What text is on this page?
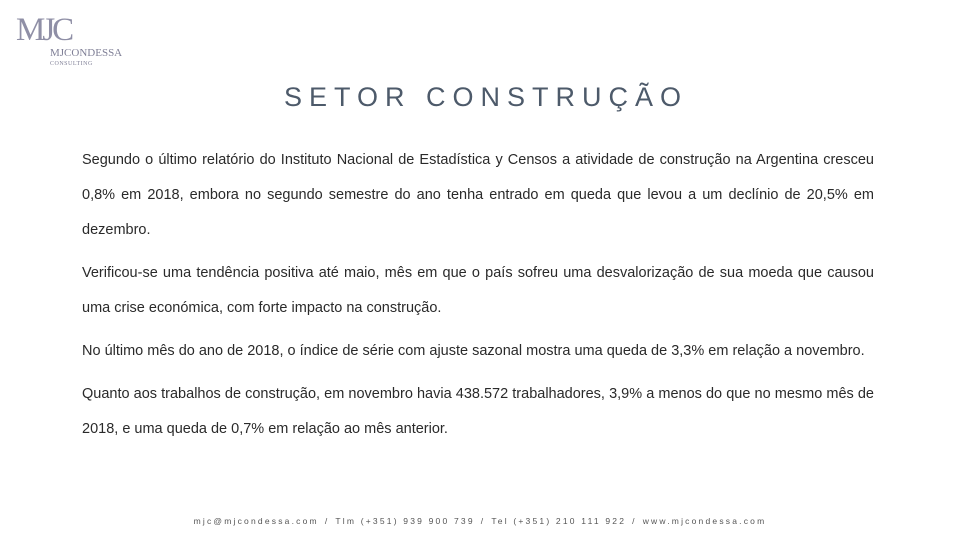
MJC
MJCONDESSA
CONSULTING
SETOR CONSTRUÇÃO

Segundo o último relatório do Instituto Nacional de Estadística y Censos a atividade de construção na Argentina cresceu 0,8% em 2018, embora no segundo semestre do ano tenha entrado em queda que levou a um declínio de 20,5% em dezembro.

Verificou-se uma tendência positiva até maio, mês em que o país sofreu uma desvalorização de sua moeda que causou uma crise económica, com forte impacto na construção.

No último mês do ano de 2018, o índice de série com ajuste sazonal mostra uma queda de 3,3% em relação a novembro.

Quanto aos trabalhos de construção, em novembro havia 438.572 trabalhadores, 3,9% a menos do que no mesmo mês de 2018, e uma queda de 0,7% em relação ao mês anterior.

mjc@mjcondessa.com / Tlm (+351) 939 900 739 / Tel (+351) 210 111 922 / www.mjcondessa.com
